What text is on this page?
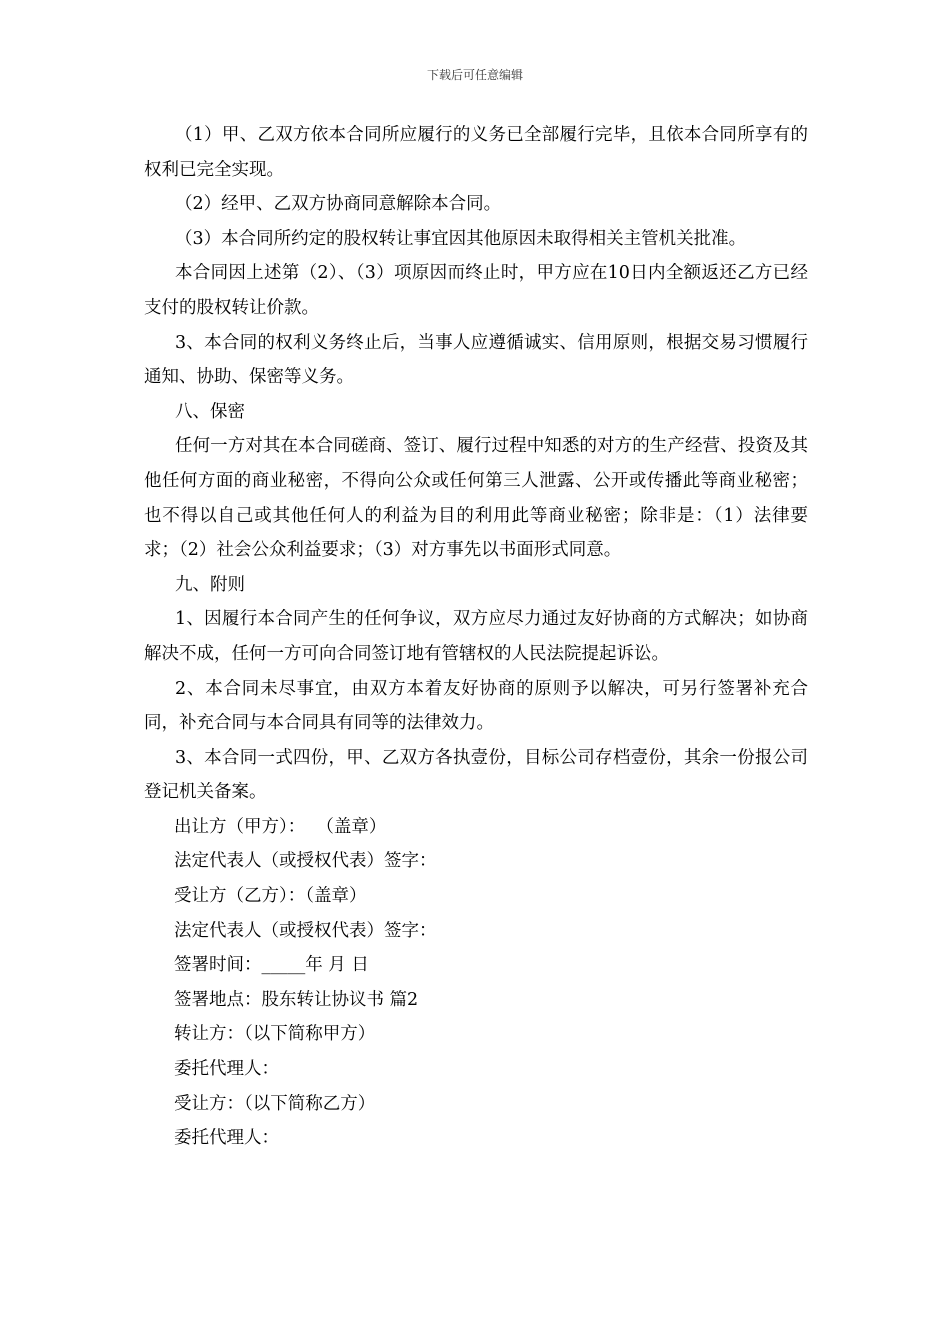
下载后可任意编辑

（1）甲、乙双方依本合同所应履行的义务已全部履行完毕，且依本合同所享有的权利已完全实现。

（2）经甲、乙双方协商同意解除本合同。

（3）本合同所约定的股权转让事宜因其他原因未取得相关主管机关批准。

本合同因上述第（2）、（3）项原因而终止时，甲方应在10日内全额返还乙方已经支付的股权转让价款。

3、本合同的权利义务终止后，当事人应遵循诚实、信用原则，根据交易习惯履行通知、协助、保密等义务。

八、保密

任何一方对其在本合同磋商、签订、履行过程中知悉的对方的生产经营、投资及其他任何方面的商业秘密，不得向公众或任何第三人泄露、公开或传播此等商业秘密；也不得以自己或其他任何人的利益为目的利用此等商业秘密；除非是：（1）法律要求；（2）社会公众利益要求；（3）对方事先以书面形式同意。

九、附则

1、因履行本合同产生的任何争议，双方应尽力通过友好协商的方式解决；如协商解决不成，任何一方可向合同签订地有管辖权的人民法院提起诉讼。

2、本合同未尽事宜，由双方本着友好协商的原则予以解决，可另行签署补充合同，补充合同与本合同具有同等的法律效力。

3、本合同一式四份，甲、乙双方各执壹份，目标公司存档壹份，其余一份报公司登记机关备案。

出让方（甲方）：  （盖章）

法定代表人（或授权代表）签字：

受让方（乙方）：（盖章）

法定代表人（或授权代表）签字：

签署时间：_____年 月 日

签署地点：股东转让协议书 篇2

转让方：（以下简称甲方）

委托代理人：

受让方：（以下简称乙方）

委托代理人：
